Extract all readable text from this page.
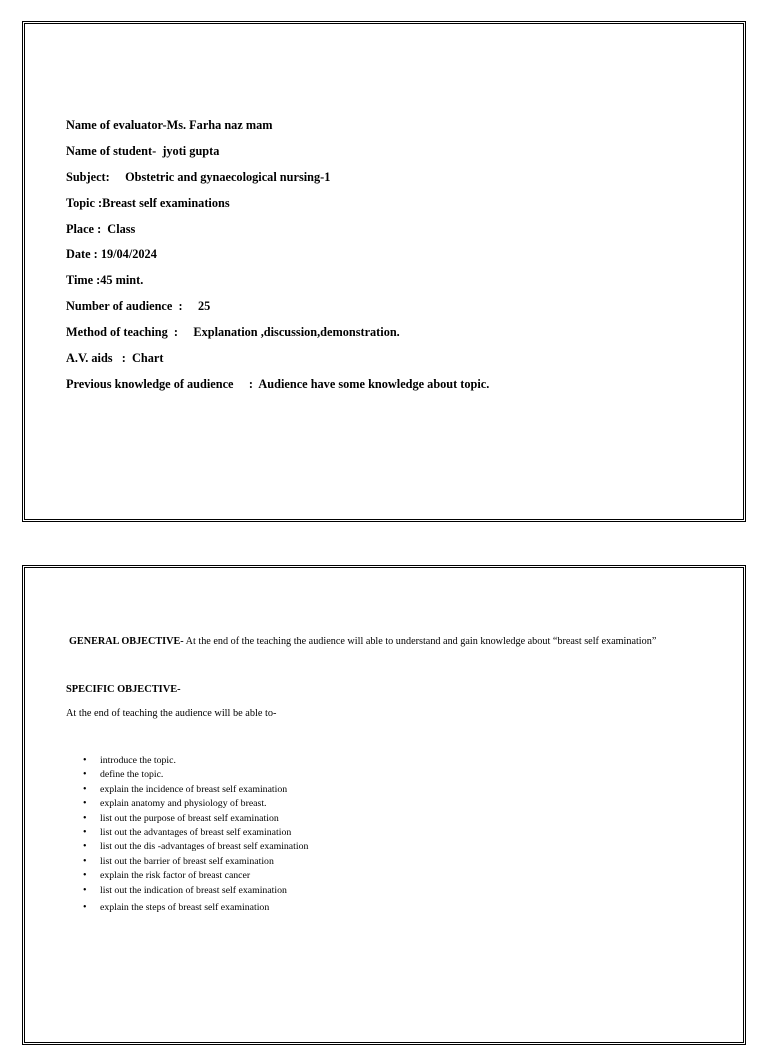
Name of evaluator-Ms. Farha naz mam
Name of student-  jyoti gupta
Subject:     Obstetric and gynaecological nursing-1
Topic :Breast self examinations
Place :  Class
Date : 19/04/2024
Time :45 mint.
Number of audience  :     25
Method of teaching  :     Explanation ,discussion,demonstration.
A.V. aids   :  Chart
Previous knowledge of audience     :  Audience have some knowledge about topic.
GENERAL OBJECTIVE- At the end of the teaching the audience will able to understand and gain knowledge about “breast self examination”
SPECIFIC OBJECTIVE-
At the end of teaching the audience will be able to-
• introduce the topic.
• define the topic.
• explain the incidence of breast self examination
• explain anatomy and physiology of breast.
• list out the purpose of breast self examination
• list out the advantages of breast self examination
• list out the dis -advantages of breast self examination
• list out the barrier of breast self examination
• explain the risk factor of breast cancer
• list out the indication of breast self examination
• explain the steps of breast self examination
